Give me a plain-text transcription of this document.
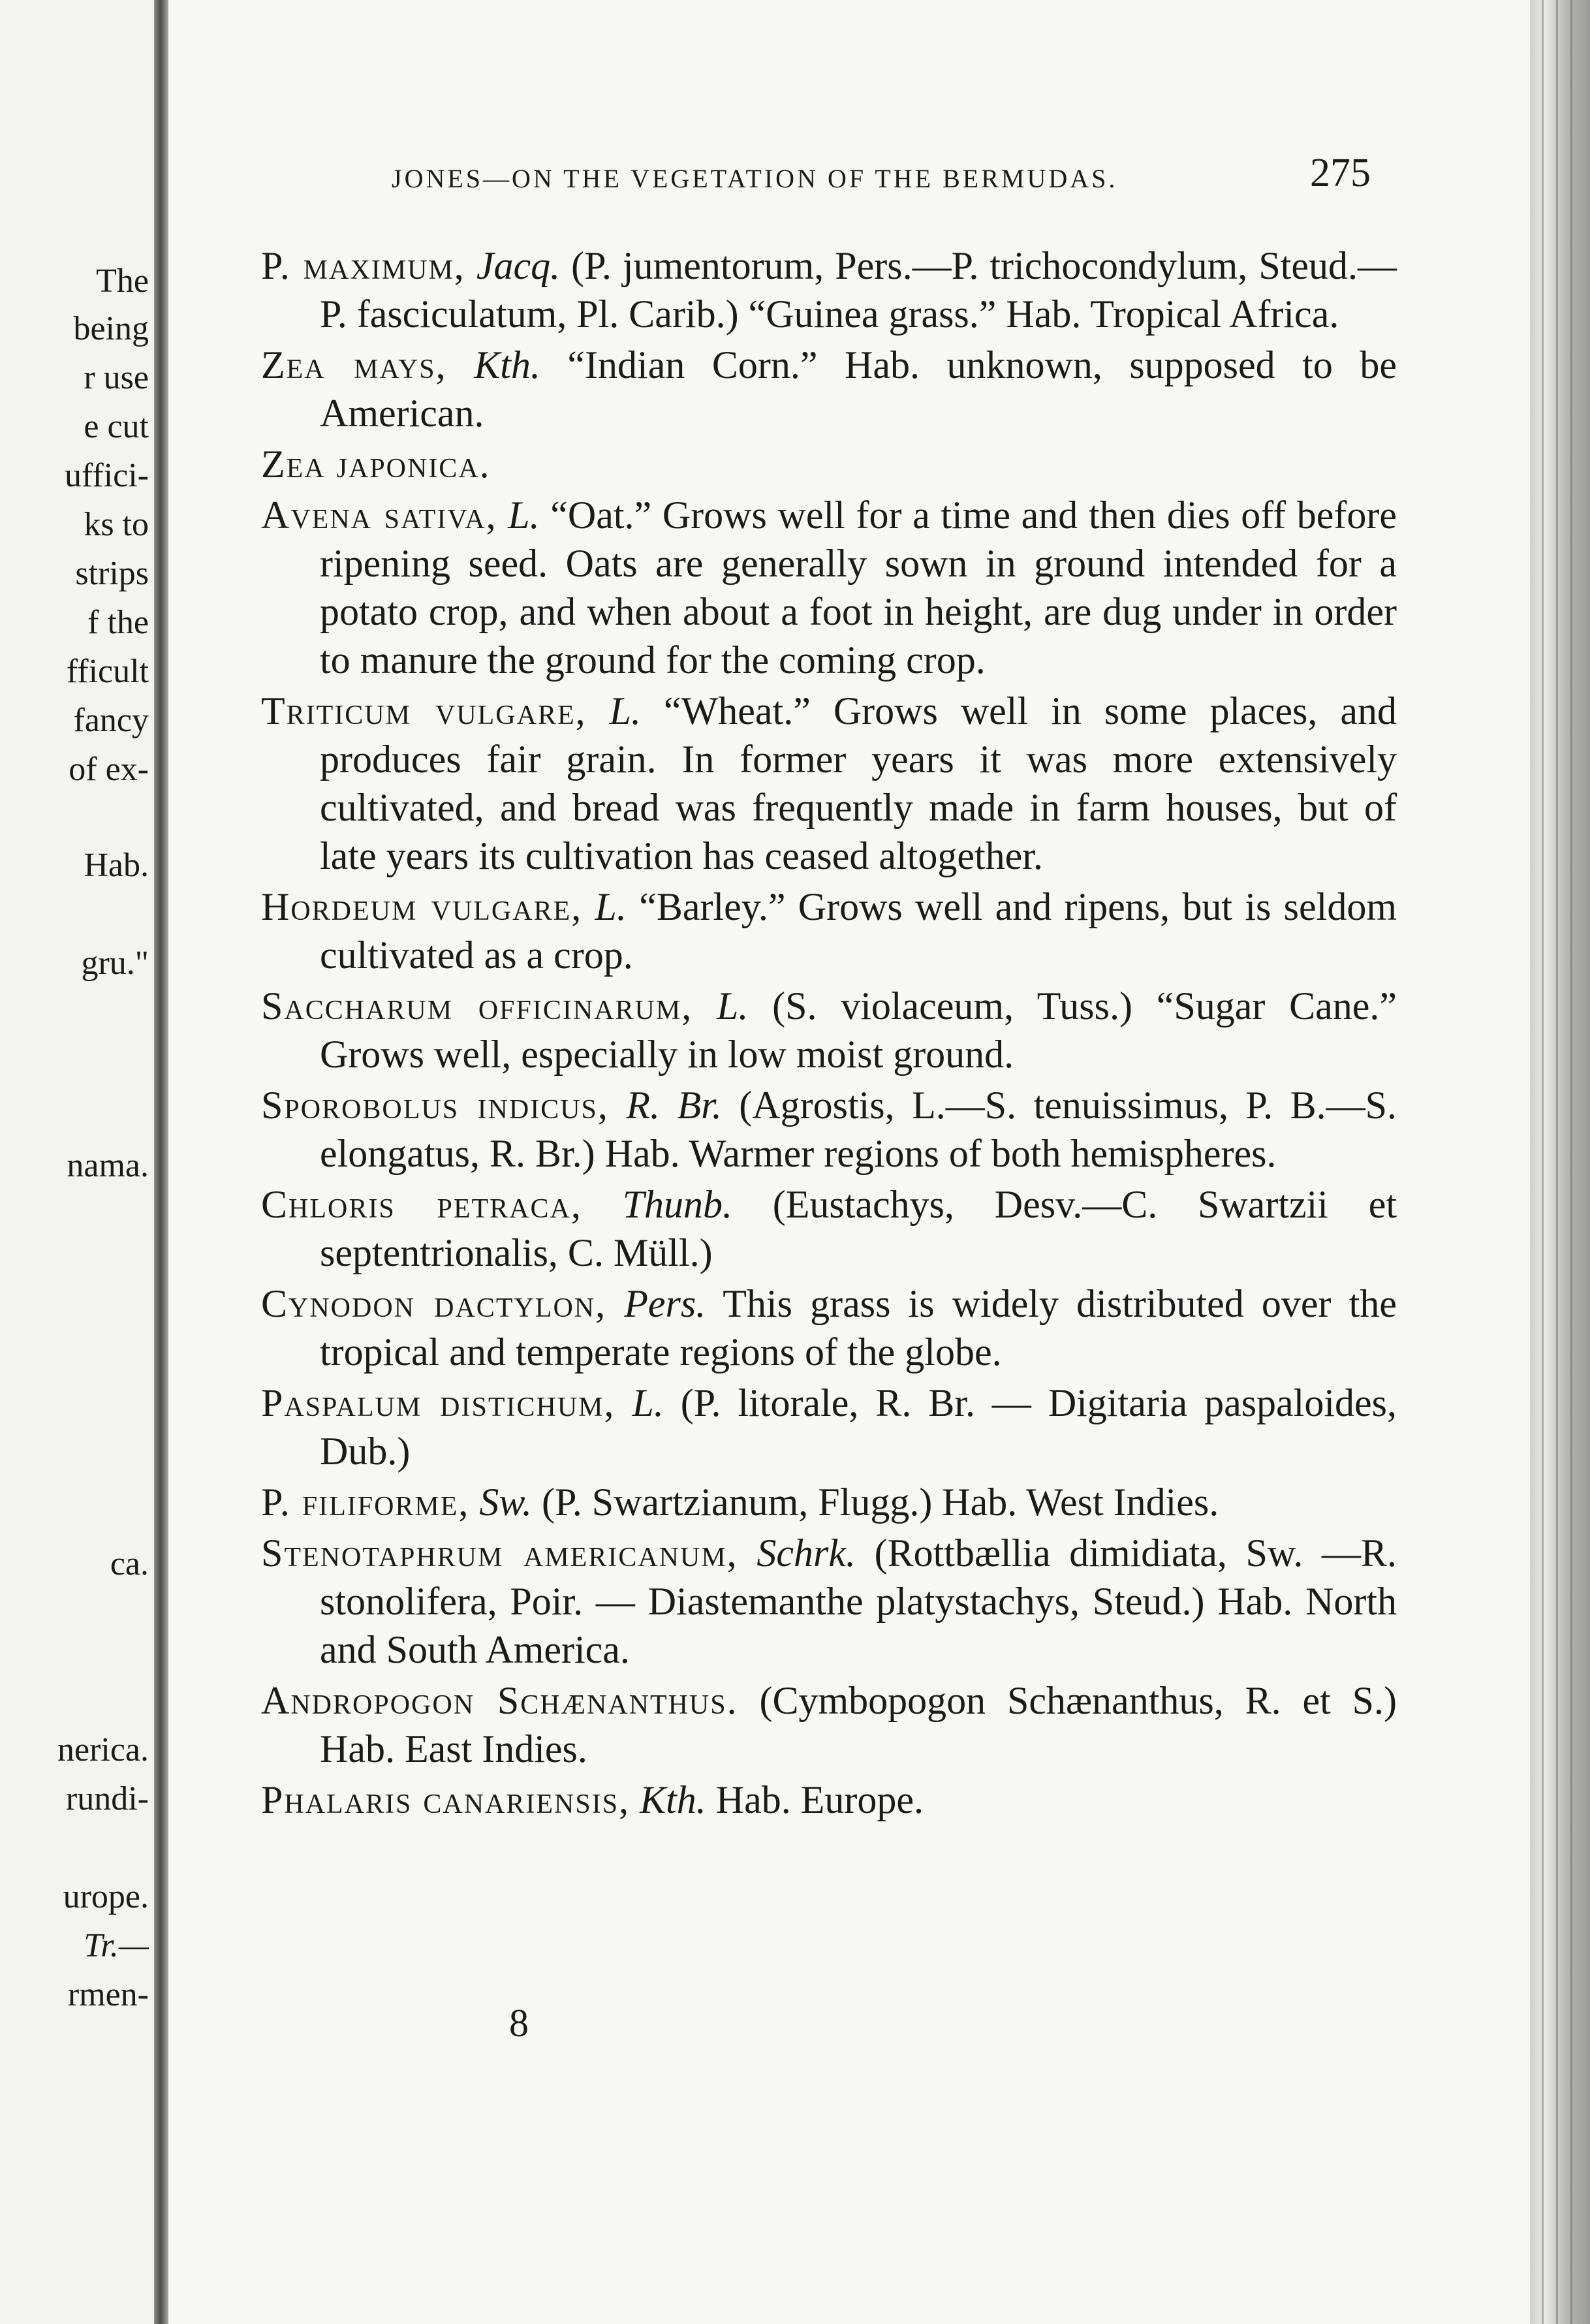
The
being
r use
e cut
uffici-
ks to
strips
f the
fficult
fancy
of ex-
Hab.
gru."
nama.
ca.
nerica.
rundi-
urope.
Tr.—
rmen-
JONES—ON THE VEGETATION OF THE BERMUDAS.	275
P. maximum, Jacq. (P. jumentorum, Pers.—P. trichocondylum, Steud.—P. fasciculatum, Pl. Carib.) “Guinea grass.” Hab. Tropical Africa.
Zea mays, Kth. “Indian Corn.” Hab. unknown, supposed to be American.
Zea japonica.
Avena sativa, L. “Oat.” Grows well for a time and then dies off before ripening seed. Oats are generally sown in ground intended for a potato crop, and when about a foot in height, are dug under in order to manure the ground for the coming crop.
Triticum vulgare, L. “Wheat.” Grows well in some places, and produces fair grain. In former years it was more extensively cultivated, and bread was frequently made in farm houses, but of late years its cultivation has ceased altogether.
Hordeum vulgare, L. “Barley.” Grows well and ripens, but is seldom cultivated as a crop.
Saccharum officinarum, L. (S. violaceum, Tuss.) “Sugar Cane.” Grows well, especially in low moist ground.
Sporobolus indicus, R. Br. (Agrostis, L.—S. tenuissimus, P. B.—S. elongatus, R. Br.) Hab. Warmer regions of both hemispheres.
Chloris petraca, Thunb. (Eustachys, Desv.—C. Swartzii et septentrionalis, C. Müll.)
Cynodon dactylon, Pers. This grass is widely distributed over the tropical and temperate regions of the globe.
Paspalum distichum, L. (P. litorale, R. Br. — Digitaria paspaloides, Dub.)
P. filiforme, Sw. (P. Swartzianum, Flugg.) Hab. West Indies.
Stenotaphrum americanum, Schrk. (Rottbællia dimidiata, Sw. —R. stonolifera, Poir. — Diastemanthe platystachys, Steud.) Hab. North and South America.
Andropogon Schænanthus. (Cymbopogon Schænanthus, R. et S.) Hab. East Indies.
Phalaris canariensis, Kth. Hab. Europe.
8
